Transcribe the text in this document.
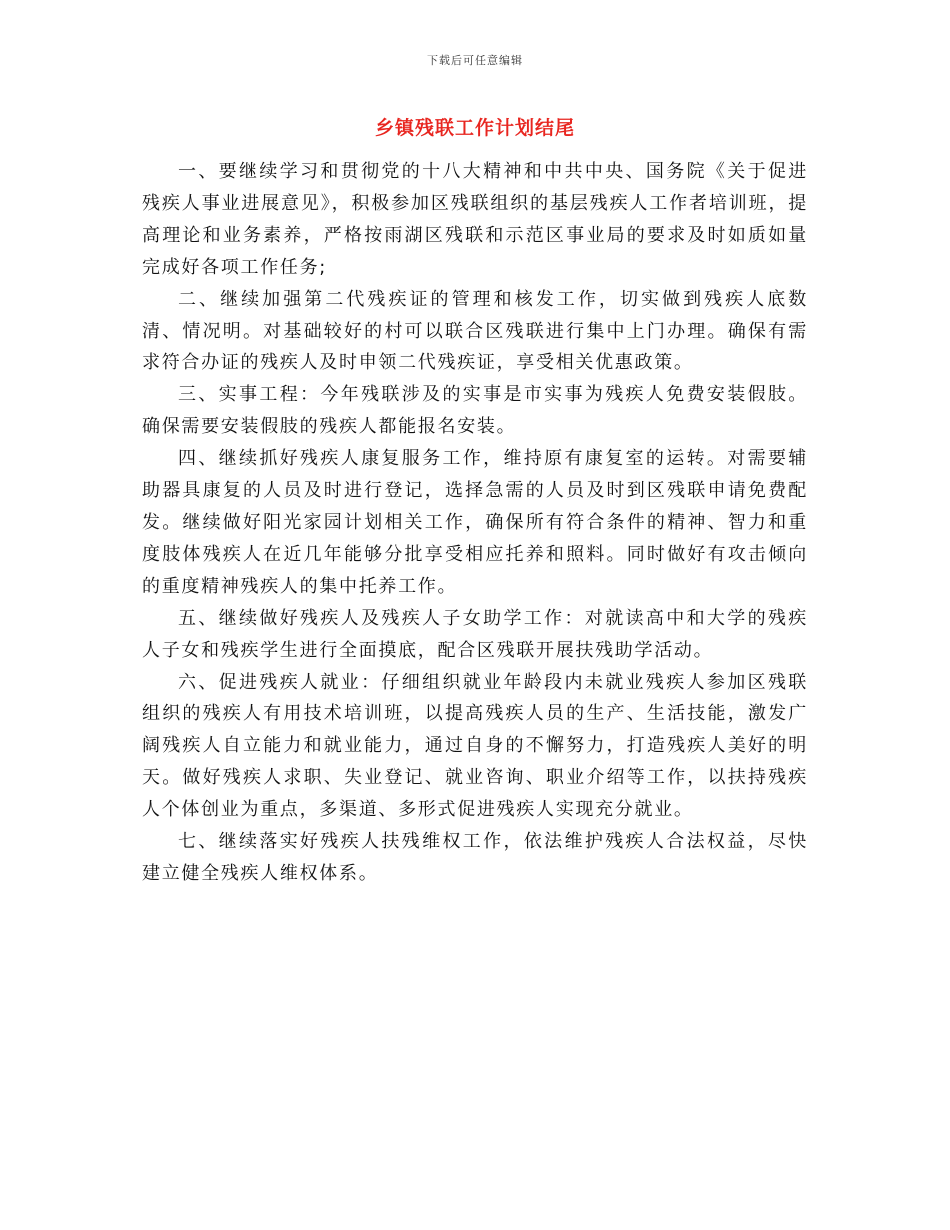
下载后可任意编辑
乡镇残联工作计划结尾

一、要继续学习和贯彻党的十八大精神和中共中央、国务院《关于促进残疾人事业进展意见》，积极参加区残联组织的基层残疾人工作者培训班，提高理论和业务素养，严格按雨湖区残联和示范区事业局的要求及时如质如量完成好各项工作任务;

二、继续加强第二代残疾证的管理和核发工作，切实做到残疾人底数清、情况明。对基础较好的村可以联合区残联进行集中上门办理。确保有需求符合办证的残疾人及时申领二代残疾证，享受相关优惠政策。

三、实事工程：今年残联涉及的实事是市实事为残疾人免费安装假肢。确保需要安装假肢的残疾人都能报名安装。

四、继续抓好残疾人康复服务工作，维持原有康复室的运转。对需要辅助器具康复的人员及时进行登记，选择急需的人员及时到区残联申请免费配发。继续做好阳光家园计划相关工作，确保所有符合条件的精神、智力和重度肢体残疾人在近几年能够分批享受相应托养和照料。同时做好有攻击倾向的重度精神残疾人的集中托养工作。

五、继续做好残疾人及残疾人子女助学工作：对就读高中和大学的残疾人子女和残疾学生进行全面摸底，配合区残联开展扶残助学活动。

六、促进残疾人就业：仔细组织就业年龄段内未就业残疾人参加区残联组织的残疾人有用技术培训班，以提高残疾人员的生产、生活技能，激发广阔残疾人自立能力和就业能力，通过自身的不懈努力，打造残疾人美好的明天。做好残疾人求职、失业登记、就业咨询、职业介绍等工作，以扶持残疾人个体创业为重点，多渠道、多形式促进残疾人实现充分就业。

七、继续落实好残疾人扶残维权工作，依法维护残疾人合法权益，尽快建立健全残疾人维权体系。
